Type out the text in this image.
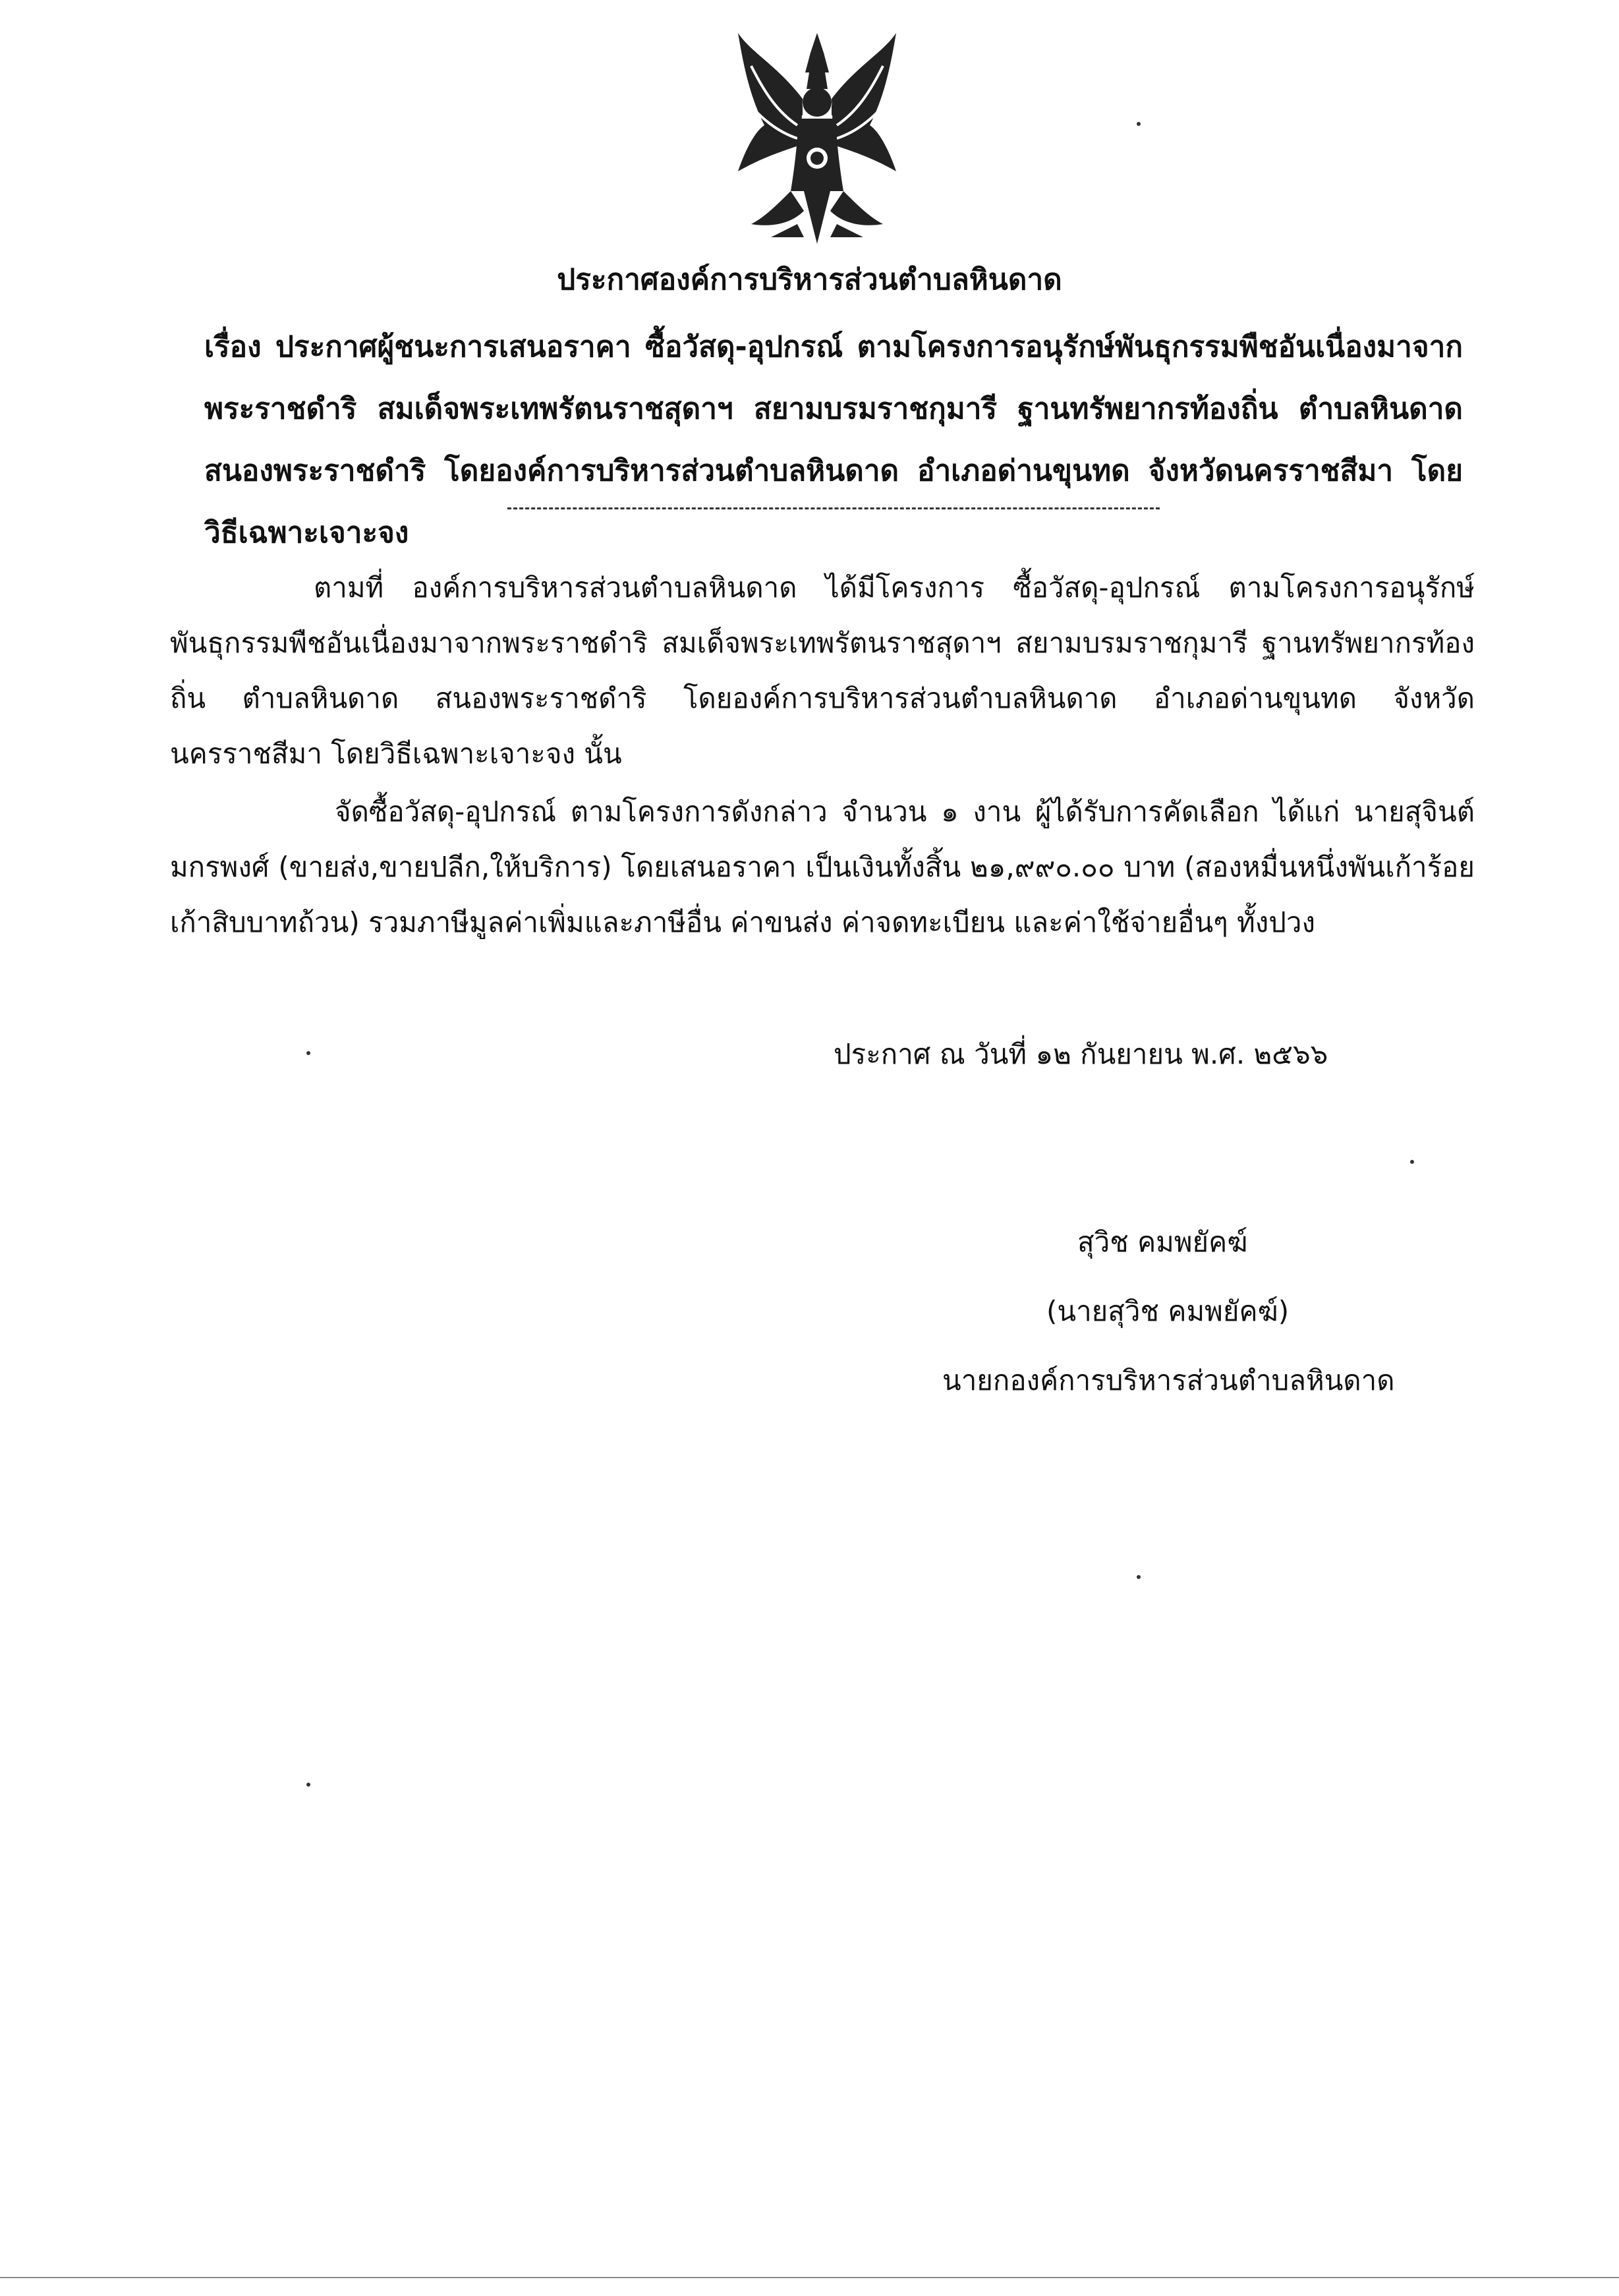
ประกาศองค์การบริหารส่วนตำบลหินดาด
เรื่อง ประกาศผู้ชนะการเสนอราคา ซื้อวัสดุ-อุปกรณ์ ตามโครงการอนุรักษ์พันธุกรรมพืชอันเนื่องมาจากพระราชดำริ สมเด็จพระเทพรัตนราชสุดาฯ สยามบรมราชกุมารี ฐานทรัพยากรท้องถิ่น ตำบลหินดาด สนองพระราชดำริ โดยองค์การบริหารส่วนตำบลหินดาด อำเภอด่านขุนทด จังหวัดนครราชสีมา โดยวิธีเฉพาะเจาะจง
ตามที่ องค์การบริหารส่วนตำบลหินดาด ได้มีโครงการ ซื้อวัสดุ-อุปกรณ์ ตามโครงการอนุรักษ์พันธุกรรมพืชอันเนื่องมาจากพระราชดำริ สมเด็จพระเทพรัตนราชสุดาฯ สยามบรมราชกุมารี ฐานทรัพยากรท้องถิ่น ตำบลหินดาด สนองพระราชดำริ โดยองค์การบริหารส่วนตำบลหินดาด อำเภอด่านขุนทด จังหวัดนครราชสีมา โดยวิธีเฉพาะเจาะจง นั้น
จัดซื้อวัสดุ-อุปกรณ์ ตามโครงการดังกล่าว จำนวน ๑ งาน ผู้ได้รับการคัดเลือก ได้แก่ นายสุจินต์ มกรพงศ์ (ขายส่ง,ขายปลีก,ให้บริการ) โดยเสนอราคา เป็นเงินทั้งสิ้น ๒๑,๙๙๐.๐๐ บาท (สองหมื่นหนึ่งพันเก้าร้อยเก้าสิบบาทถ้วน) รวมภาษีมูลค่าเพิ่มและภาษีอื่น ค่าขนส่ง ค่าจดทะเบียน และค่าใช้จ่ายอื่นๆ ทั้งปวง
ประกาศ ณ วันที่ ๑๒ กันยายน พ.ศ. ๒๕๖๖
สุวิช คมพยัคฆ์
(นายสุวิช คมพยัคฆ์)
นายกองค์การบริหารส่วนตำบลหินดาด
